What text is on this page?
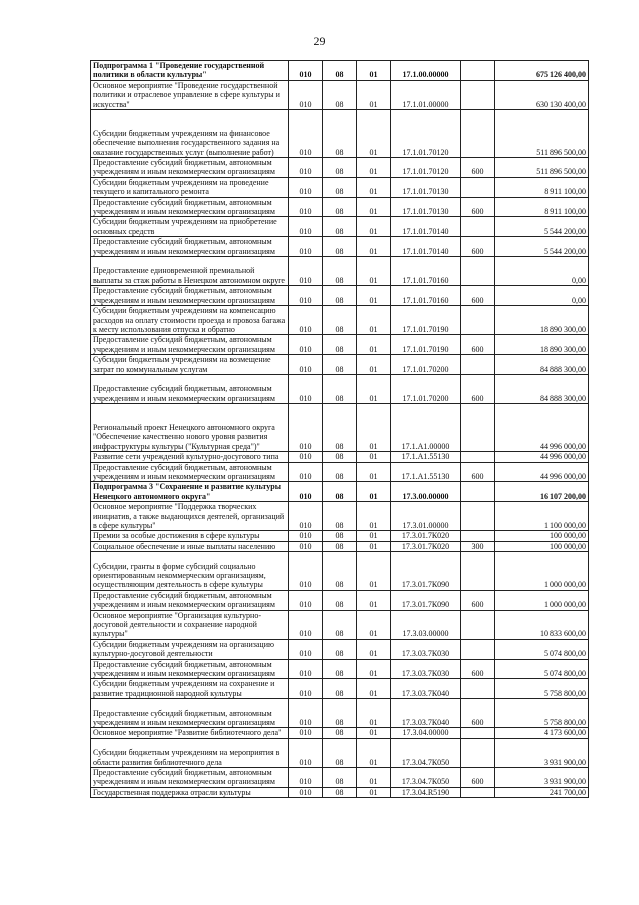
29
Подпрограмма 1 "Проведение государственной политики в области культуры"	010	08	01	17.1.00.00000		675 126 400,00
Основное мероприятие "Проведение государственной политики и отраслевое управление в сфере культуры и искусства"	010	08	01	17.1.01.00000		630 130 400,00
Субсидии бюджетным учреждениям на финансовое обеспечение выполнения государственного задания на оказание государственных услуг (выполнение работ)	010	08	01	17.1.01.70120		511 896 500,00
Предоставление субсидий бюджетным, автономным учреждениям и иным некоммерческим организациям	010	08	01	17.1.01.70120	600	511 896 500,00
Субсидии бюджетным учреждениям на проведение текущего и капитального ремонта	010	08	01	17.1.01.70130		8 911 100,00
Предоставление субсидий бюджетным, автономным учреждениям и иным некоммерческим организациям	010	08	01	17.1.01.70130	600	8 911 100,00
Субсидии бюджетным учреждениям на приобретение основных средств	010	08	01	17.1.01.70140		5 544 200,00
Предоставление субсидий бюджетным, автономным учреждениям и иным некоммерческим организациям	010	08	01	17.1.01.70140	600	5 544 200,00
Предоставление единовременной премиальной выплаты за стаж работы в Ненецком автономном округе	010	08	01	17.1.01.70160		0,00
Предоставление субсидий бюджетным, автономным учреждениям и иным некоммерческим организациям	010	08	01	17.1.01.70160	600	0,00
Субсидии бюджетным учреждениям на компенсацию расходов на оплату стоимости проезда и провоза багажа к месту использования отпуска и обратно	010	08	01	17.1.01.70190		18 890 300,00
Предоставление субсидий бюджетным, автономным учреждениям и иным некоммерческим организациям	010	08	01	17.1.01.70190	600	18 890 300,00
Субсидии бюджетным учреждениям на возмещение затрат по коммунальным услугам	010	08	01	17.1.01.70200		84 888 300,00
Предоставление субсидий бюджетным, автономным учреждениям и иным некоммерческим организациям	010	08	01	17.1.01.70200	600	84 888 300,00
Региональный проект Ненецкого автономного округа "Обеспечение качественно нового уровня развития инфраструктуры культуры ("Культурная среда")"	010	08	01	17.1.A1.00000		44 996 000,00
Развитие сети учреждений культурно-досугового типа	010	08	01	17.1.A1.55130		44 996 000,00
Предоставление субсидий бюджетным, автономным учреждениям и иным некоммерческим организациям	010	08	01	17.1.A1.55130	600	44 996 000,00
Подпрограмма 3 "Сохранение и развитие культуры Ненецкого автономного округа"	010	08	01	17.3.00.00000		16 107 200,00
Основное мероприятие "Поддержка творческих инициатив, а также выдающихся деятелей, организаций в сфере культуры"	010	08	01	17.3.01.00000		1 100 000,00
Премии за особые достижения в сфере культуры	010	08	01	17.3.01.7К020		100 000,00
Социальное обеспечение и иные выплаты населению	010	08	01	17.3.01.7К020	300	100 000,00
Субсидии, гранты в форме субсидий социально ориентированным некоммерческим организациям, осуществляющим деятельность в сфере культуры	010	08	01	17.3.01.7К090		1 000 000,00
Предоставление субсидий бюджетным, автономным учреждениям и иным некоммерческим организациям	010	08	01	17.3.01.7К090	600	1 000 000,00
Основное мероприятие "Организация культурно-досуговой деятельности и сохранение народной культуры"	010	08	01	17.3.03.00000		10 833 600,00
Субсидии бюджетным учреждениям на организацию культурно-досуговой деятельности	010	08	01	17.3.03.7К030		5 074 800,00
Предоставление субсидий бюджетным, автономным учреждениям и иным некоммерческим организациям	010	08	01	17.3.03.7К030	600	5 074 800,00
Субсидии бюджетным учреждениям на сохранение и развитие традиционной народной культуры	010	08	01	17.3.03.7К040		5 758 800,00
Предоставление субсидий бюджетным, автономным учреждениям и иным некоммерческим организациям	010	08	01	17.3.03.7К040	600	5 758 800,00
Основное мероприятие "Развитие библиотечного дела"	010	08	01	17.3.04.00000		4 173 600,00
Субсидии бюджетным учреждениям на мероприятия в области развития библиотечного дела	010	08	01	17.3.04.7К050		3 931 900,00
Предоставление субсидий бюджетным, автономным учреждениям и иным некоммерческим организациям	010	08	01	17.3.04.7К050	600	3 931 900,00
Государственная поддержка отрасли культуры	010	08	01	17.3.04.R5190		241 700,00
